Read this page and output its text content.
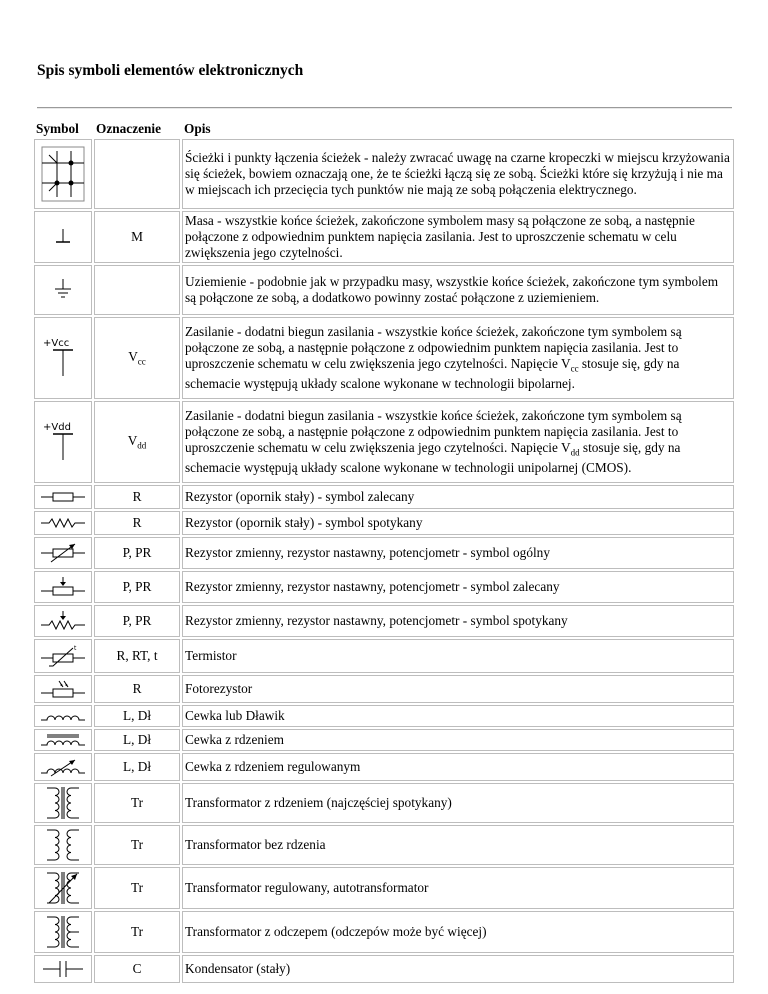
Spis symboli elementów elektronicznych
Symbol	Oznaczenie	Opis

		Ścieżki i punkty łączenia ścieżek - należy zwracać uwagę na czarne kropeczki w miejscu krzyżowania się ścieżek, bowiem oznaczają one, że te ścieżki łączą się ze sobą. Ścieżki które się krzyżują i nie ma w miejscach ich przecięcia tych punktów nie mają ze sobą połączenia elektrycznego.

	M	Masa - wszystkie końce ścieżek, zakończone symbolem masy są połączone ze sobą, a następnie połączone z odpowiednim punktem napięcia zasilania. Jest to uproszczenie schematu w celu zwiększenia jego czytelności.

		Uziemienie - podobnie jak w przypadku masy, wszystkie końce ścieżek, zakończone tym symbolem są połączone ze sobą, a dodatkowo powinny zostać połączone z uziemieniem.

+Vcc	$V_{cc}$	Zasilanie - dodatni biegun zasilania - wszystkie końce ścieżek, zakończone tym symbolem są połączone ze sobą, a następnie połączone z odpowiednim punktem napięcia zasilania. Jest to uproszczenie schematu w celu zwiększenia jego czytelności. Napięcie $V_{cc}$ stosuje się, gdy na schemacie występują układy scalone wykonane w technologii bipolarnej.

+Vdd	$V_{dd}$	Zasilanie - dodatni biegun zasilania - wszystkie końce ścieżek, zakończone tym symbolem są połączone ze sobą, a następnie połączone z odpowiednim punktem napięcia zasilania. Jest to uproszczenie schematu w celu zwiększenia jego czytelności. Napięcie $V_{dd}$ stosuje się, gdy na schemacie występują układy scalone wykonane w technologii unipolarnej (CMOS).

	R	Rezystor (opornik stały) - symbol zalecany

	R	Rezystor (opornik stały) - symbol spotykany

	P, PR	Rezystor zmienny, rezystor nastawny, potencjometr - symbol ogólny

	P, PR	Rezystor zmienny, rezystor nastawny, potencjometr - symbol zalecany

	P, PR	Rezystor zmienny, rezystor nastawny, potencjometr - symbol spotykany

t	R, RT, t	Termistor

	R	Fotorezystor

	L, Dł	Cewka lub Dławik

	L, Dł	Cewka z rdzeniem

	L, Dł	Cewka z rdzeniem regulowanym

	Tr	Transformator z rdzeniem (najczęściej spotykany)

	Tr	Transformator bez rdzenia

	Tr	Transformator regulowany, autotransformator

	Tr	Transformator z odczepem (odczepów może być więcej)

	C	Kondensator (stały)
